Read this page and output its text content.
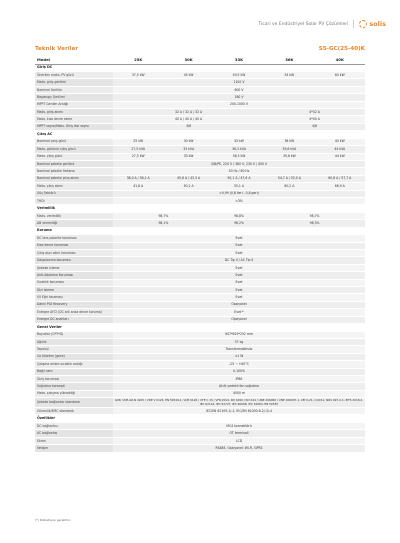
Ticari ve Endüstriyel Solar PV Çözümleri	solis
Teknik Veriler	S5-GC(25-40)K
Model	25K	30K	33K	36K	40K
Giriş DC					
Önerilen maks. PV gücü	37,5 kW	45 kW	49,5 kW	54 kW	60 kW
Maks. giriş gerilimi	1100 V				
Nominal Gerilim	600 V				
Başlangıç Gerilimi	180 V				
MPPT Gerilim Aralığı	200-1000 V				
Maks. giriş akımı	32 A / 32 A / 32 A			4*32 A	
Maks. kısa devre akımı	40 A / 40 A / 40 A			4*40 A	
MPPT sayısı/Maks. Giriş dizi sayısı	3/6			4/8	
Çıkış AC					
Nominal çıkış gücü	25 kW	30 kW	33 kW	36 kW	40 kW
Maks. görünür çıkış gücü	27,5 kVA	33 kVA	36,3 kVA	39,6 kVA	44 kVA
Maks. çıkış gücü	27,5 kW	33 kW	36,3 kW	39,6 kW	44 kW
Nominal şebeke gerilimi	3/N/PE, 220 V / 380 V, 230 V / 400 V				
Nominal şebeke frekansı	50 Hz / 60 Hz				
Nominal şebeke çıkış akımı	38,0 A / 36,1 A	45,6 A / 43,3 A	50,1 A / 47,6 A	54,7 A / 52,0 A	60,8 A / 57,7 A
Maks. çıkış akımı	41,8 A	50,2 A	55,1 A	60,2 A	66,9 A
Güç Faktörü	>0,99 (0,8 ileri - 0,8 geri)				
THDi	<3%				
Verimlilik					
Maks. verimlilik	98,7%		98,8%	98,7%	
AB verimliliği	98,1%		98,2%	98,3%	
Koruma					
DC ters polarite koruması	Evet				
Kısa devre koruması	Evet				
Çıkış aşırı akım koruması	Evet				
Dalgalanma koruması	DC Tip II / AC Tip II				
Şebeke izleme	Evet				
Anti-Adalama Koruması	Evet				
Sıcaklık koruması	Evet				
Dizi İzleme	Evet				
I/V Eğri taraması	Evet				
Dahili PID Recovery	Opsiyonel				
Entegre AFCI (DC ark arıza devre koruma)	Evet *				
Entegre DC anahtarı	Opsiyonel				
Genel Veriler					
Boyutlar (G*Y*D)	647*629*252 mm				
Ağırlık	37 kg				
Topoloji	Transformatörsüz				
Öz tüketim (gece)	<1 W				
Çalışma ortam sıcaklık aralığı	-25 ~ +60°C				
Bağıl nem	0-100%				
Giriş koruması	IP66				
Soğutma konsepti	Akıllı yedekli fan soğutma				
Maks. çalışma yüksekliği	4000 m				
Şebeke bağlantısı standardı	G98, VDE-AR-N 4105 / VDE V 0124, EN 50549-1, VDE 0126 / UTE C 15 / VFR:2014, RD 1699 / RD 244 / UNE 206006 / UNE 206007-1, CEI 0-21, C10/11, NRS 097-2-1, EIFS 2018.2, IEC 62116, IEC 61727, IEC 60068, IEC 61683, EN 50530				
Güvenlik/EMC standardı	IEC/EN 62109-1/-2, IEC/EN 61000-6-2/-3/-4				
Özellikler					
DC bağlantısı	MC4 konnektörü				
AC bağlantısı	OT terminali				
Ekran	LCD				
İletişim	RS485, Opsiyonel: Wi-Fi, GPRS				
(*) Rikkatlıyısı gerektirir.
